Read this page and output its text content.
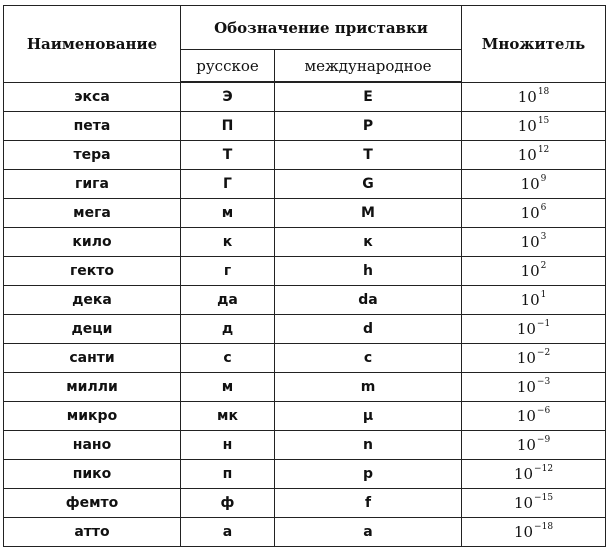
Наименование	Обозначение приставки		Множитель
	русское	международное	
экса	Э	E	$10^{18}$
пета	П	P	$10^{15}$
тера	Т	T	$10^{12}$
гига	Г	G	$10^9$
мега	м	M	$10^6$
кило	к	к	$10^3$
гекто	г	h	$10^2$
дека	да	da	$10^1$
деци	д	d	$10^{-1}$
санти	с	c	$10^{-2}$
милли	м	m	$10^{-3}$
микро	мк	μ	$10^{-6}$
нано	н	n	$10^{-9}$
пико	п	p	$10^{-12}$
фемто	ф	f	$10^{-15}$
атто	а	a	$10^{-18}$
